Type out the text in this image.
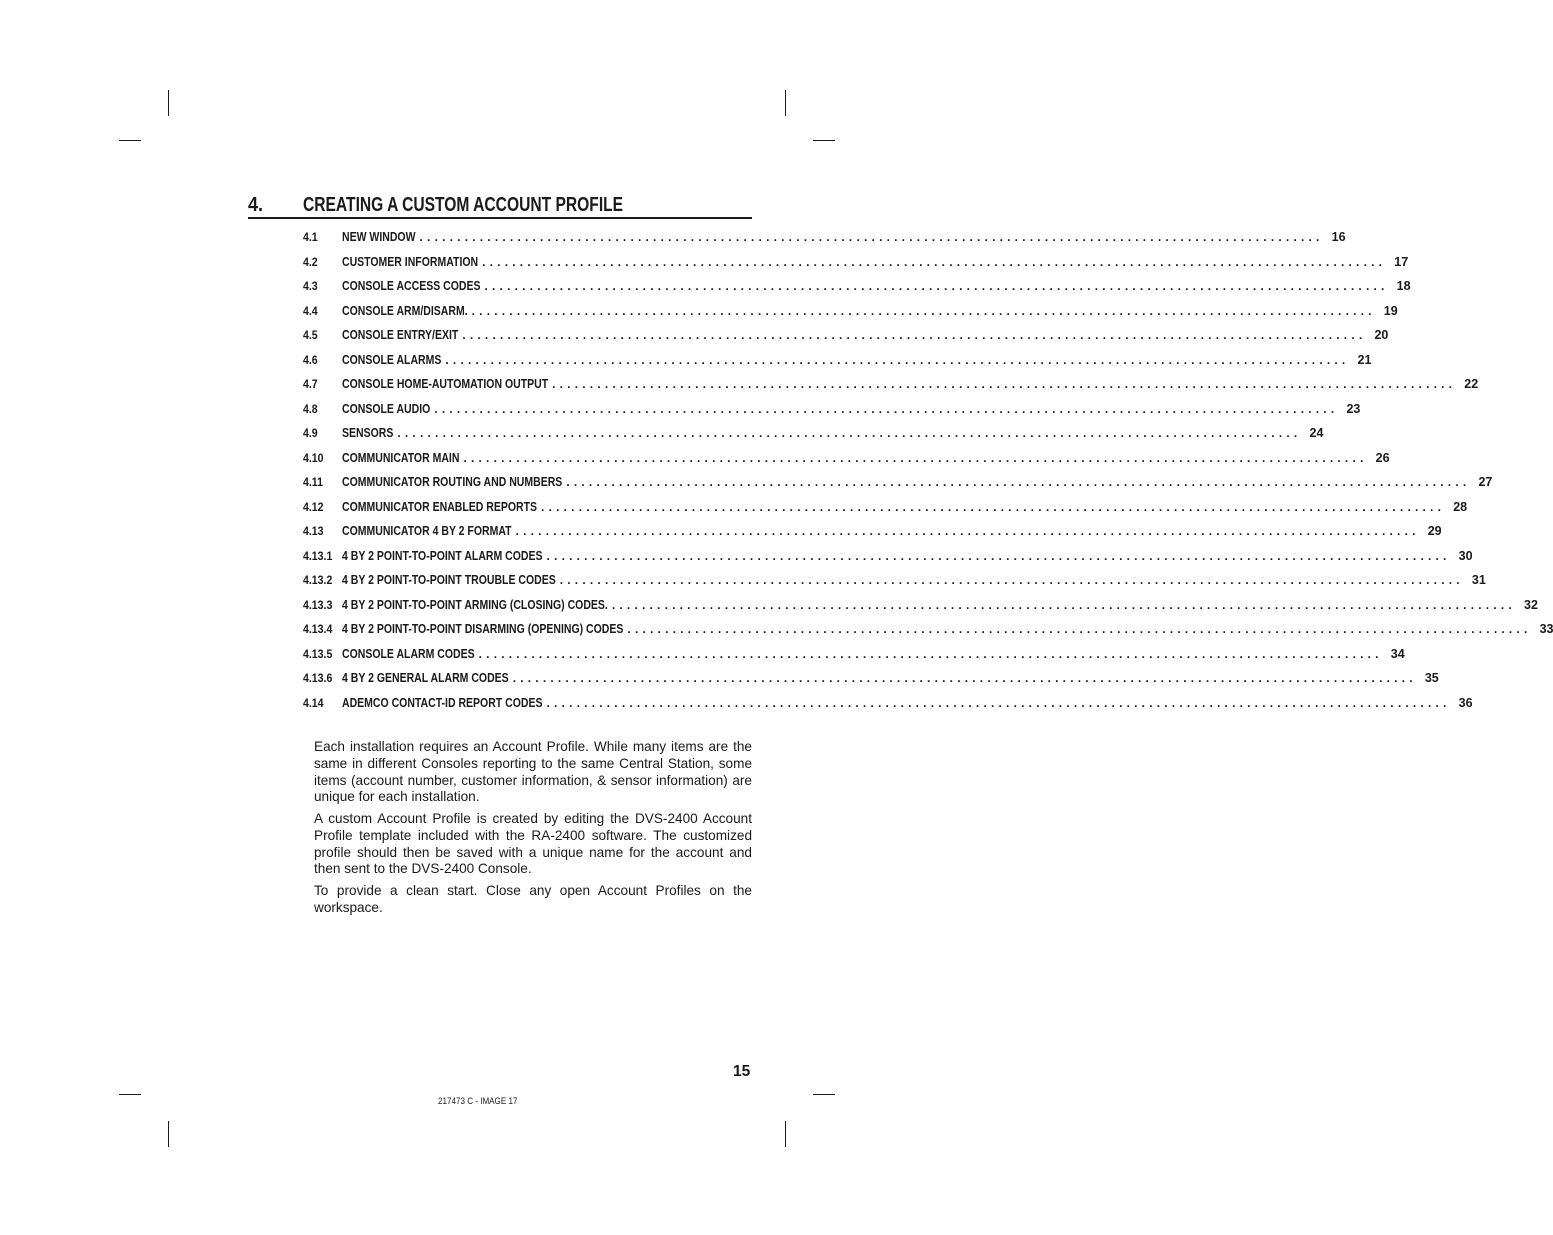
4. CREATING A CUSTOM ACCOUNT PROFILE
4.1	NEW WINDOW ........................................................................................................................ 16
4.2	CUSTOMER INFORMATION ........................................................................................................................ 17
4.3	CONSOLE ACCESS CODES ........................................................................................................................ 18
4.4	CONSOLE ARM/DISARM. ........................................................................................................................ 19
4.5	CONSOLE ENTRY/EXIT ........................................................................................................................ 20
4.6	CONSOLE ALARMS ........................................................................................................................ 21
4.7	CONSOLE HOME-AUTOMATION OUTPUT ........................................................................................................................ 22
4.8	CONSOLE AUDIO ........................................................................................................................ 23
4.9	SENSORS ........................................................................................................................ 24
4.10	COMMUNICATOR MAIN ........................................................................................................................ 26
4.11	COMMUNICATOR ROUTING AND NUMBERS ........................................................................................................................ 27
4.12	COMMUNICATOR ENABLED REPORTS ........................................................................................................................ 28
4.13	COMMUNICATOR 4 BY 2 FORMAT ........................................................................................................................ 29
4.13.1 4 BY 2 POINT-TO-POINT ALARM CODES ........................................................................................................................ 30
4.13.2 4 BY 2 POINT-TO-POINT TROUBLE CODES ........................................................................................................................ 31
4.13.3 4 BY 2 POINT-TO-POINT ARMING (CLOSING) CODES. ........................................................................................................................ 32
4.13.4 4 BY 2 POINT-TO-POINT DISARMING (OPENING) CODES ........................................................................................................................ 33
4.13.5 CONSOLE ALARM CODES ........................................................................................................................ 34
4.13.6 4 BY 2 GENERAL ALARM CODES ........................................................................................................................ 35
4.14	ADEMCO CONTACT-ID REPORT CODES ........................................................................................................................ 36

Each installation requires an Account Profile. While many items are the same in different Consoles reporting to the same Central Station, some items (account number, customer information, & sensor information) are unique for each installation.

A custom Account Profile is created by editing the DVS-2400 Account Profile template included with the RA-2400 software. The customized profile should then be saved with a unique name for the account and then sent to the DVS-2400 Console.

To provide a clean start. Close any open Account Profiles on the workspace.

15
217473 C - IMAGE 17
